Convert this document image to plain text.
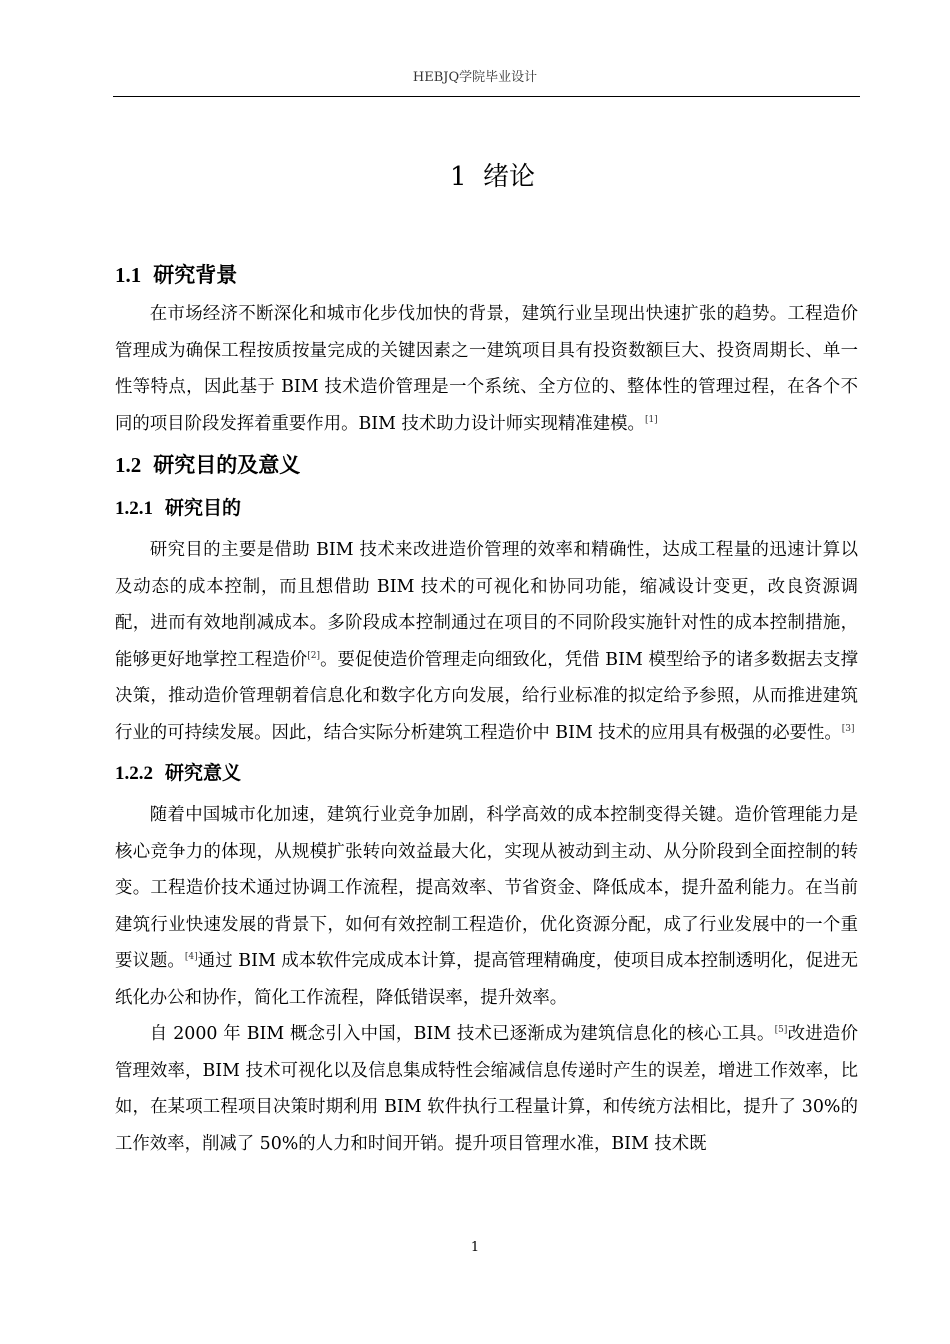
HEBJQ学院毕业设计
1 绪论
1.1 研究背景

在市场经济不断深化和城市化步伐加快的背景，建筑行业呈现出快速扩张的趋势。工程造价管理成为确保工程按质按量完成的关键因素之一建筑项目具有投资数额巨大、投资周期长、单一性等特点，因此基于 BIM 技术造价管理是一个系统、全方位的、整体性的管理过程，在各个不同的项目阶段发挥着重要作用。BIM 技术助力设计师实现精准建模。[1]

1.2 研究目的及意义
1.2.1 研究目的

研究目的主要是借助 BIM 技术来改进造价管理的效率和精确性，达成工程量的迅速计算以及动态的成本控制，而且想借助 BIM 技术的可视化和协同功能，缩减设计变更，改良资源调配，进而有效地削减成本。多阶段成本控制通过在项目的不同阶段实施针对性的成本控制措施，能够更好地掌控工程造价[2]。要促使造价管理走向细致化，凭借 BIM 模型给予的诸多数据去支撑决策，推动造价管理朝着信息化和数字化方向发展，给行业标准的拟定给予参照，从而推进建筑行业的可持续发展。因此，结合实际分析建筑工程造价中 BIM 技术的应用具有极强的必要性。[3]

1.2.2 研究意义

随着中国城市化加速，建筑行业竞争加剧，科学高效的成本控制变得关键。造价管理能力是核心竞争力的体现，从规模扩张转向效益最大化，实现从被动到主动、从分阶段到全面控制的转变。工程造价技术通过协调工作流程，提高效率、节省资金、降低成本，提升盈利能力。在当前建筑行业快速发展的背景下，如何有效控制工程造价，优化资源分配，成了行业发展中的一个重要议题。[4]通过 BIM 成本软件完成成本计算，提高管理精确度，使项目成本控制透明化，促进无纸化办公和协作，简化工作流程，降低错误率，提升效率。

自 2000 年 BIM 概念引入中国，BIM 技术已逐渐成为建筑信息化的核心工具。[5]改进造价管理效率，BIM 技术可视化以及信息集成特性会缩减信息传递时产生的误差，增进工作效率，比如，在某项工程项目决策时期利用 BIM 软件执行工程量计算，和传统方法相比，提升了 30%的工作效率，削减了 50%的人力和时间开销。提升项目管理水准，BIM 技术既

1
